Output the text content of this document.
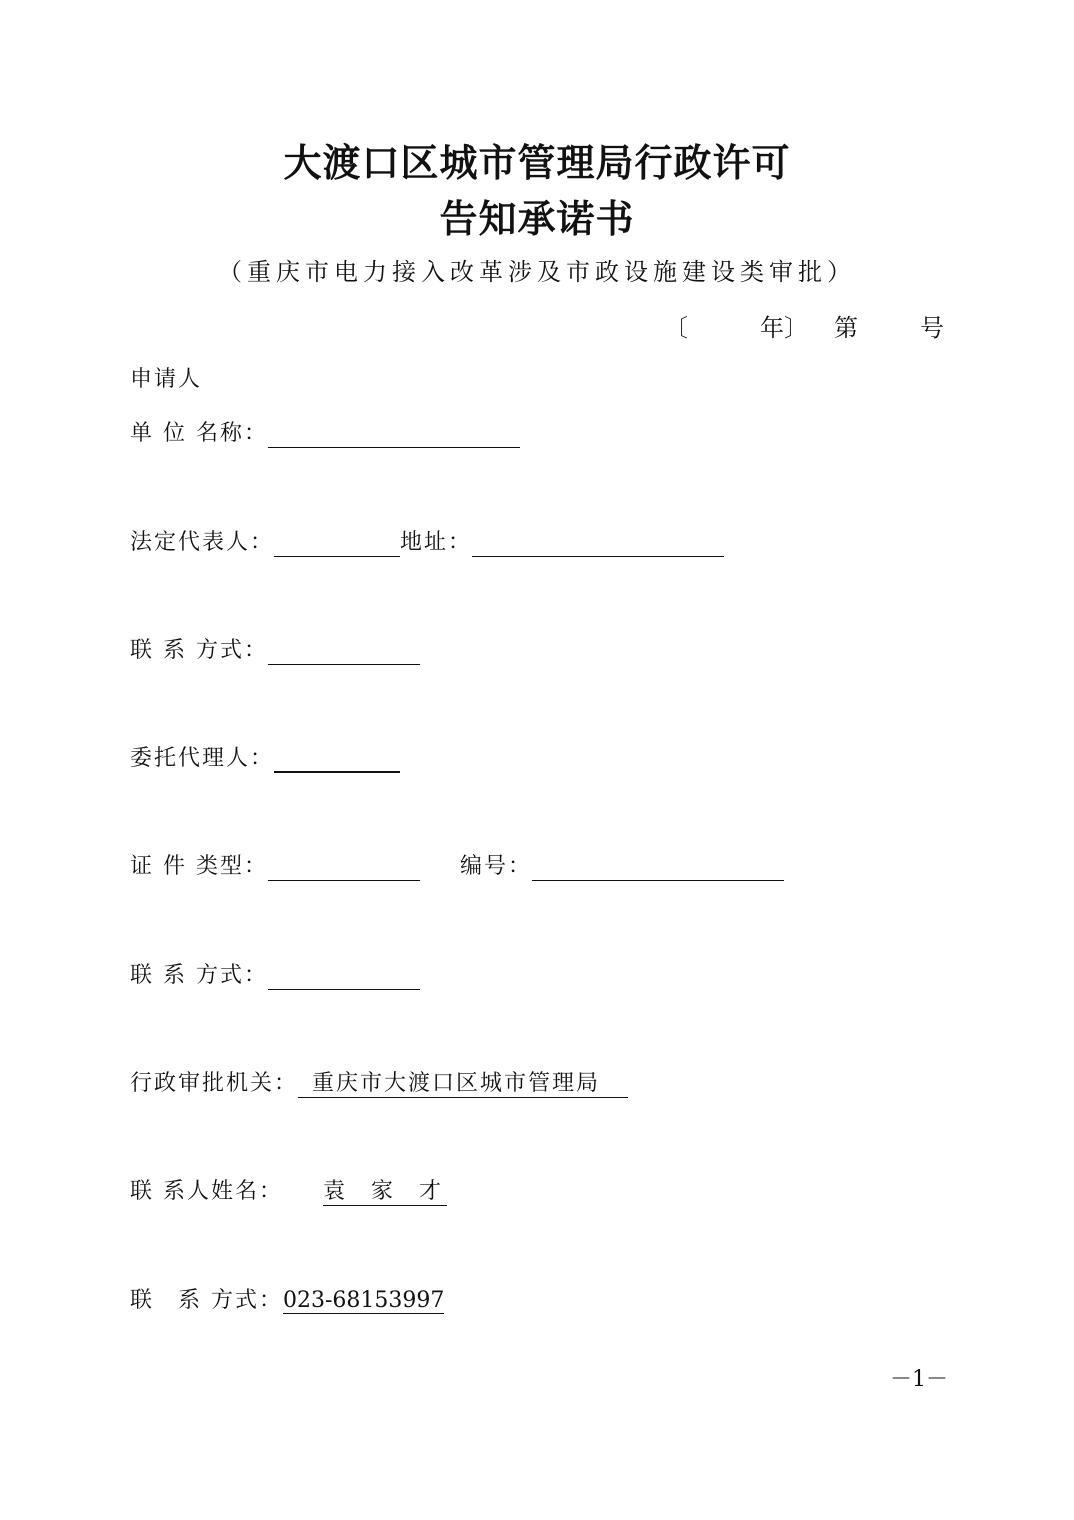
大渡口区城市管理局行政许可
告知承诺书
（重庆市电力接入改革涉及市政设施建设类审批）
〔	年〕 第	号
申请人
单 位 名称：
法定代表人：	地址：
联 系 方式：
委托代理人：
证 件 类型：	编号：
联 系 方式：
行政审批机关： 重庆市大渡口区城市管理局
联 系人姓名： 袁　家　才
联　系 方式：023-68153997
－1－
